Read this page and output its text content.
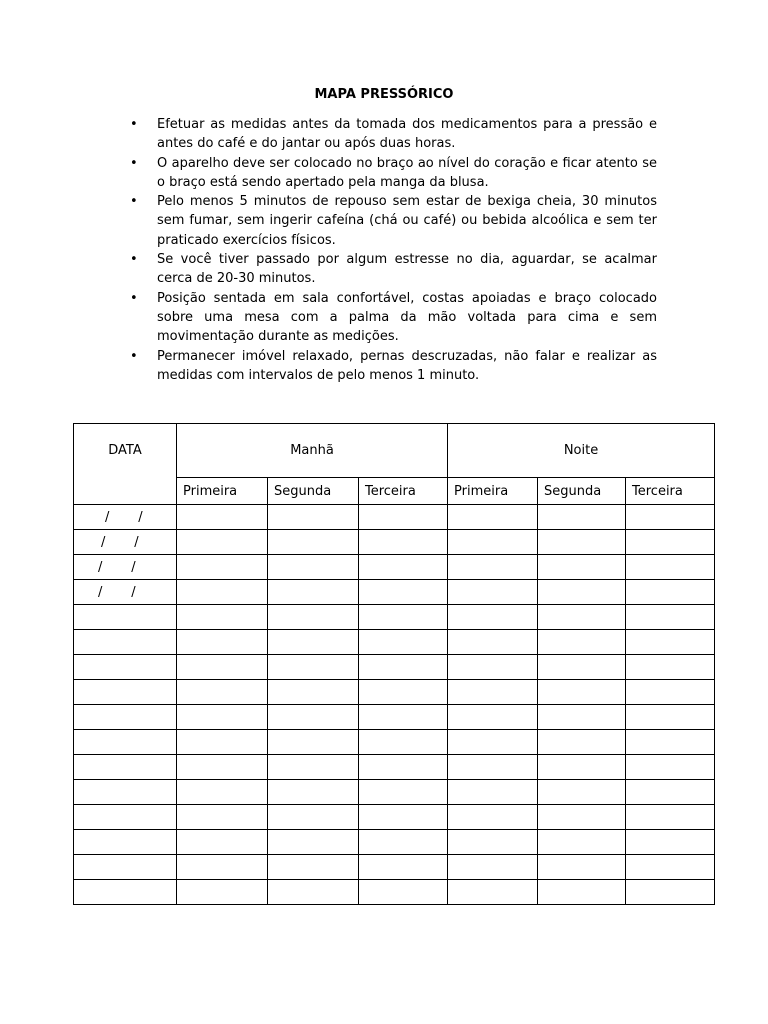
MAPA PRESSÓRICO
• Efetuar as medidas antes da tomada dos medicamentos para a pressão e antes do café e do jantar ou após duas horas.
• O aparelho deve ser colocado no braço ao nível do coração e ficar atento se o braço está sendo apertado pela manga da blusa.
• Pelo menos 5 minutos de repouso sem estar de bexiga cheia, 30 minutos sem fumar, sem ingerir cafeína (chá ou café) ou bebida alcoólica e sem ter praticado exercícios físicos.
• Se você tiver passado por algum estresse no dia, aguardar, se acalmar cerca de 20-30 minutos.
• Posição sentada em sala confortável, costas apoiadas e braço colocado sobre uma mesa com a palma da mão voltada para cima e sem movimentação durante as medições.
• Permanecer imóvel relaxado, pernas descruzadas, não falar e realizar as medidas com intervalos de pelo menos 1 minuto.
DATA	Manhã			Noite		
	Primeira	Segunda	Terceira	Primeira	Segunda	Terceira
/       /						
/       /						
/       /						
/       /						
